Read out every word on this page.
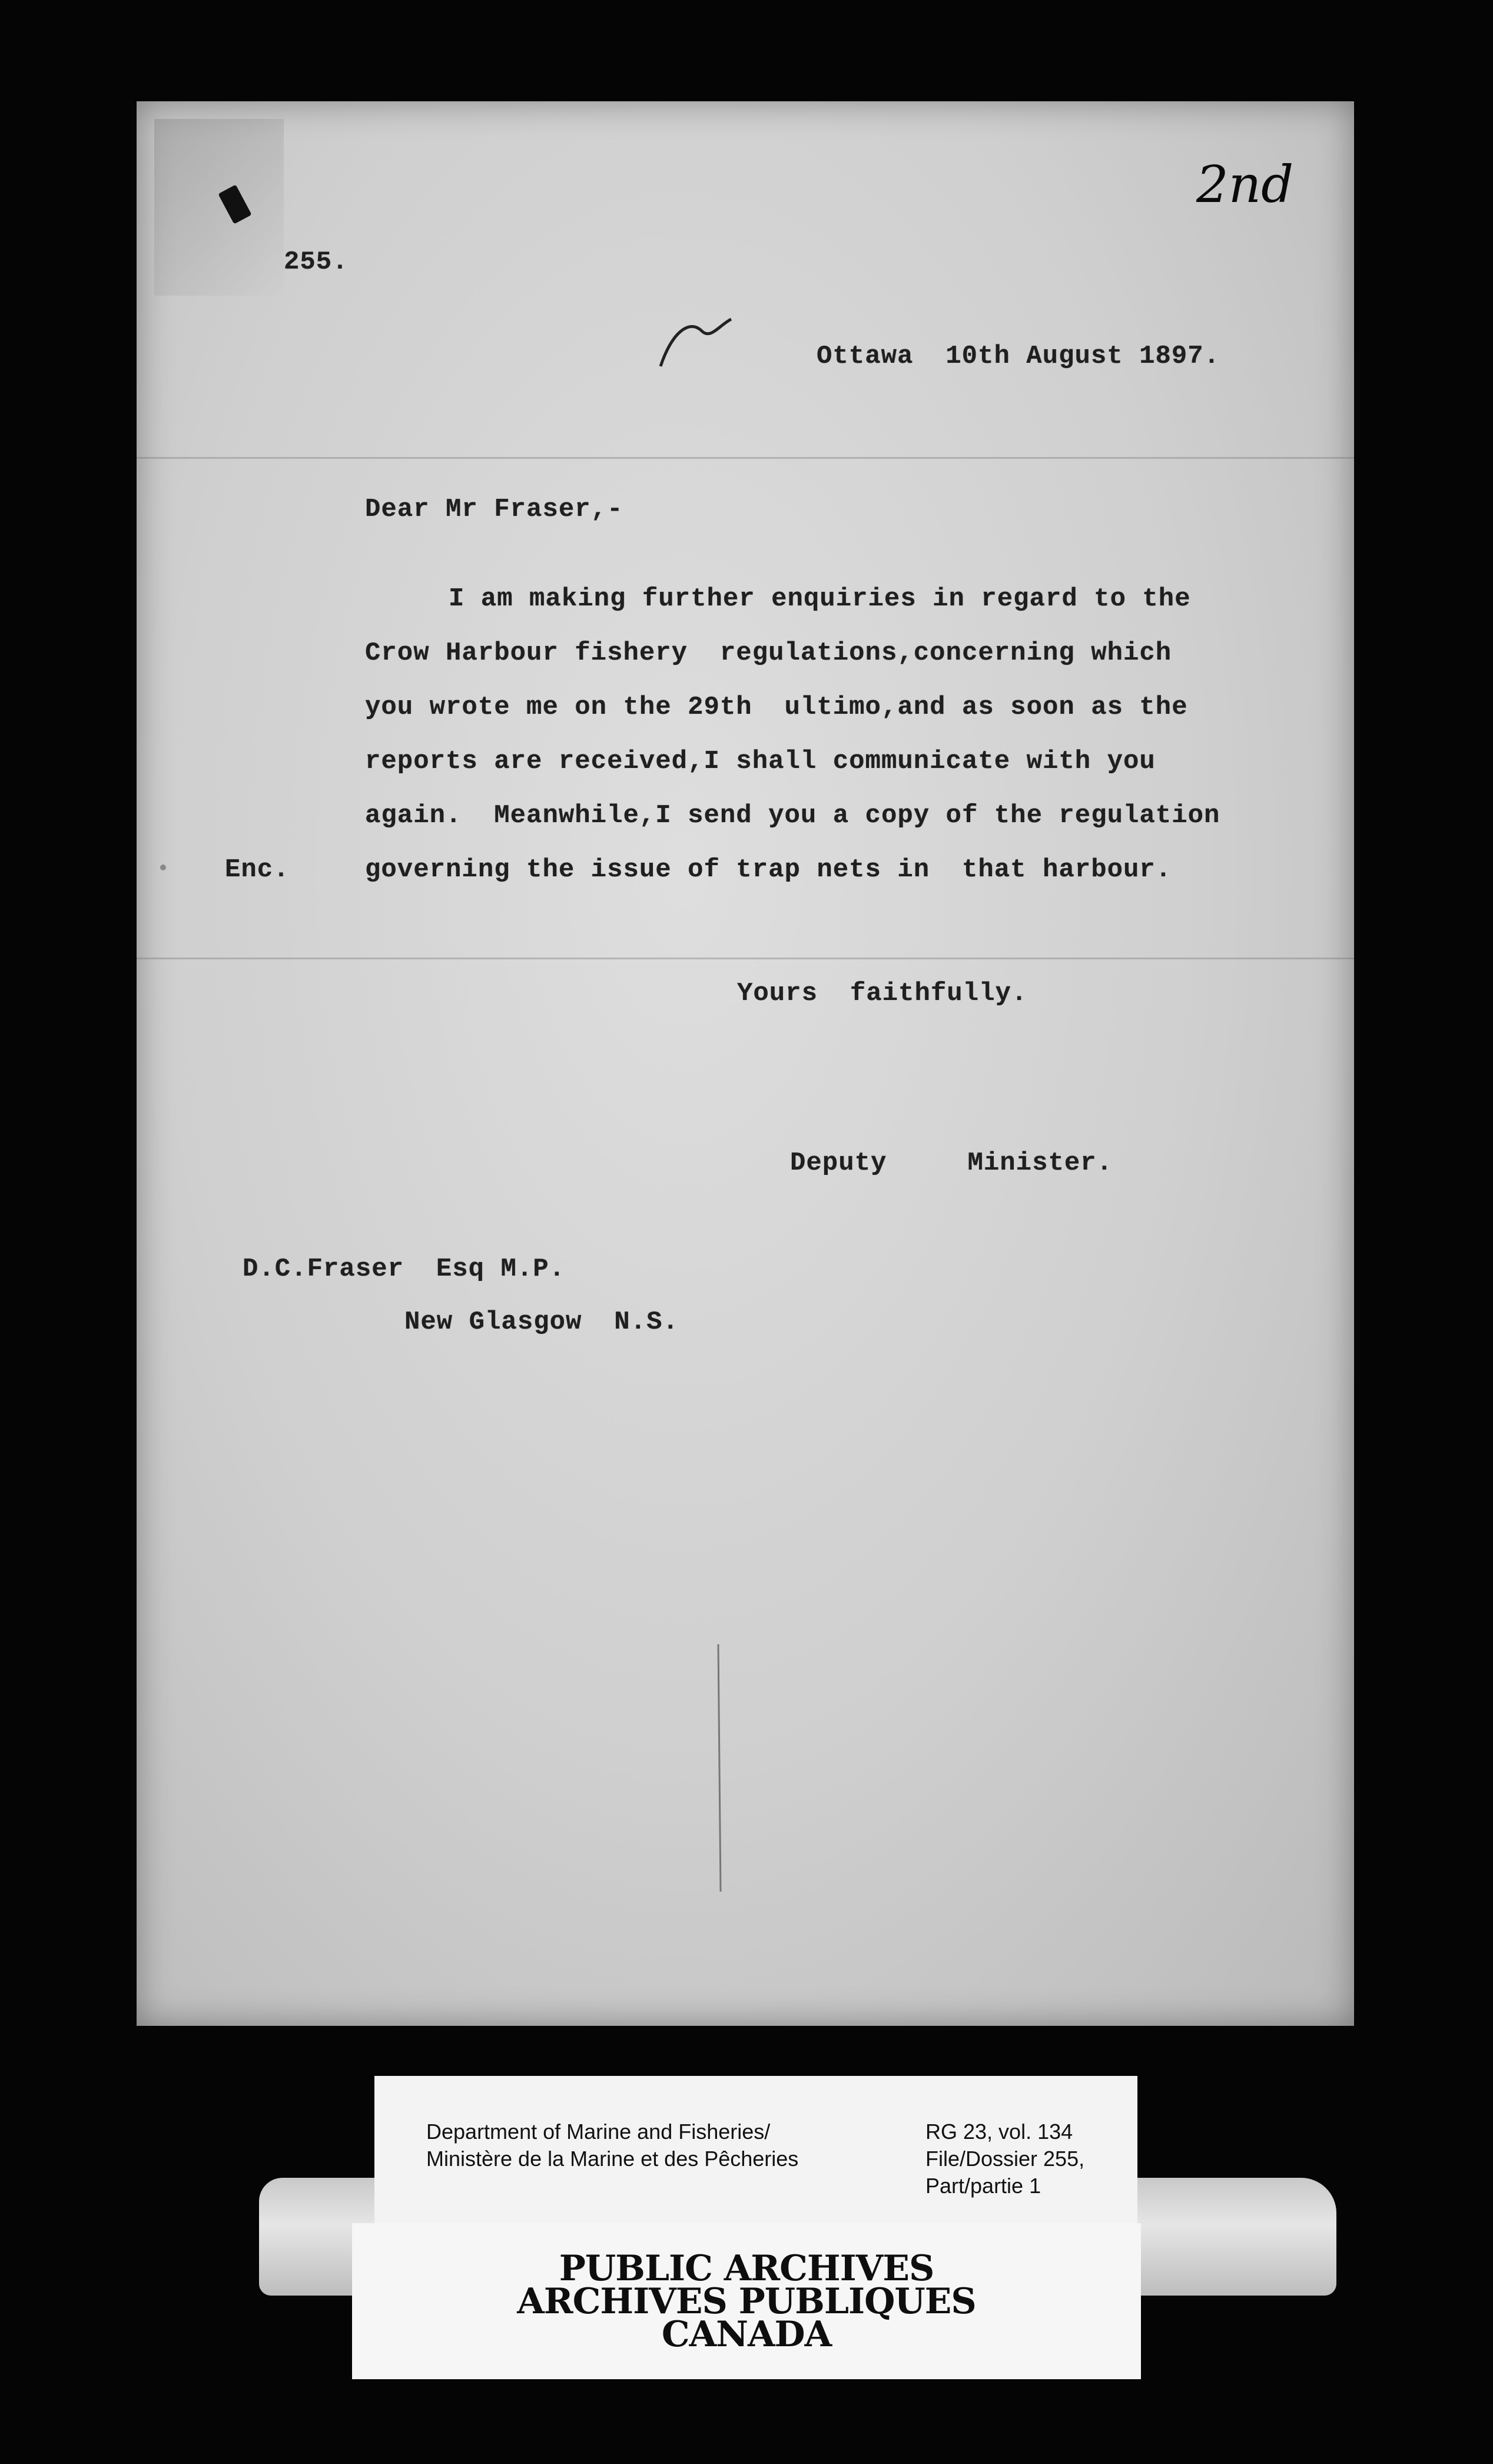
255.
2nd
Ottawa  10th August 1897.
Dear Mr Fraser,-
I am making further enquiries in regard to the
Crow Harbour fishery  regulations,concerning which
you wrote me on the 29th  ultimo,and as soon as the
reports are received,I shall communicate with you
again.  Meanwhile,I send you a copy of the regulation
governing the issue of trap nets in  that harbour.
Enc.
Yours  faithfully.
Deputy     Minister.
D.C.Fraser  Esq M.P.
New Glasgow  N.S.
Department of Marine and Fisheries/
Ministère de la Marine et des Pêcheries
RG 23, vol. 134
File/Dossier 255,
Part/partie 1
PUBLIC ARCHIVES
ARCHIVES PUBLIQUES
CANADA
